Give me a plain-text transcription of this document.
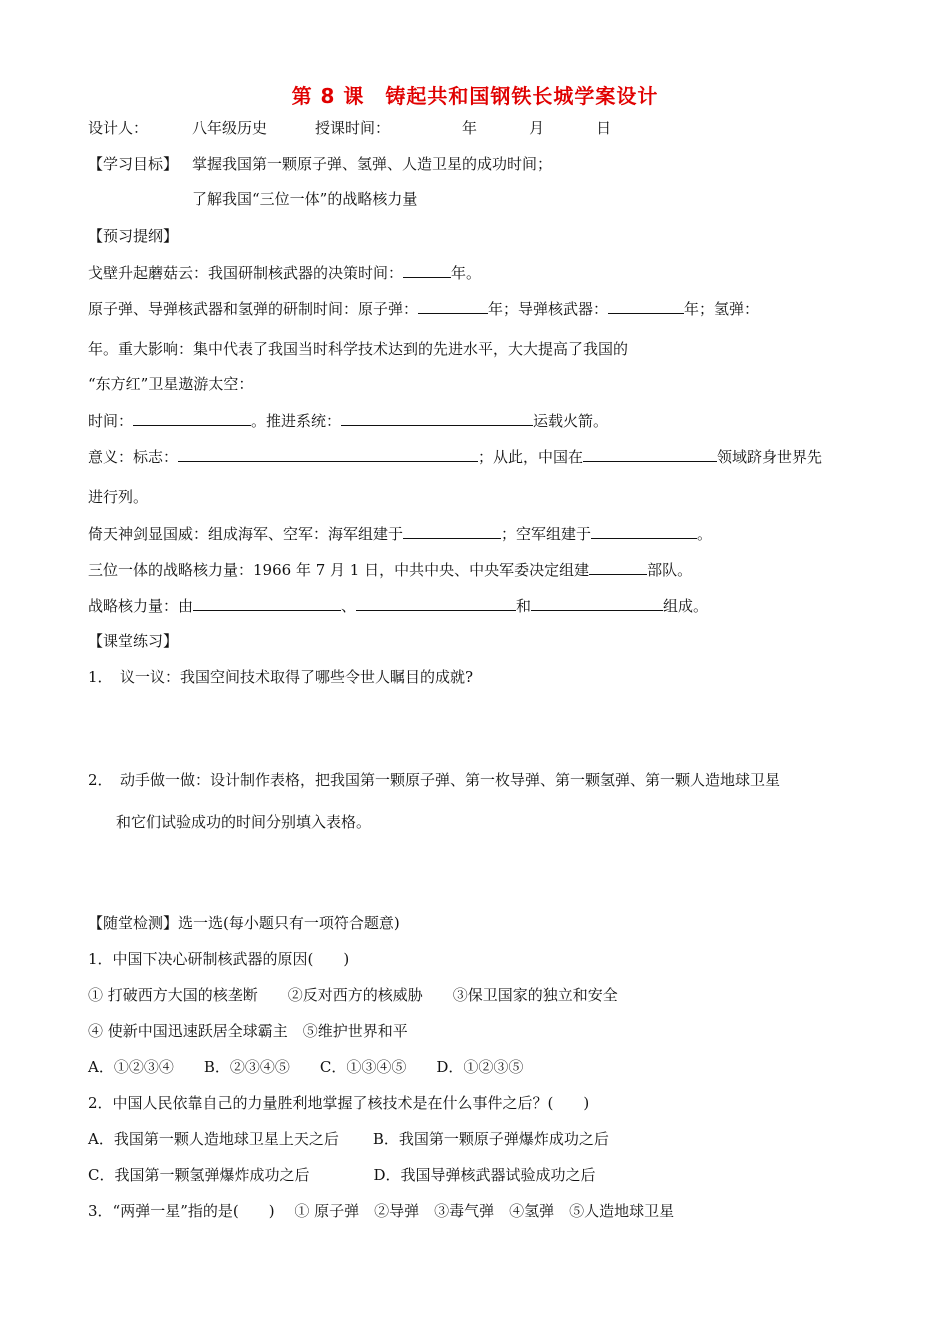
第 8 课　铸起共和国钢铁长城学案设计
设计人：	八年级历史	授课时间：	年	月	日
【学习目标】 掌握我国第一颗原子弹、氢弹、人造卫星的成功时间；
了解我国“三位一体”的战略核力量
【预习提纲】
戈壁升起蘑菇云：我国研制核武器的决策时间：	年。
原子弹、导弹核武器和氢弹的研制时间：原子弹：	年；导弹核武器：	年；氢弹：
年。重大影响：集中代表了我国当时科学技术达到的先进水平，大大提高了我国的
“东方红”卫星遨游太空：
时间：	。推进系统：	运载火箭。
意义：标志：	；从此，中国在	领域跻身世界先
进行列。
倚天神剑显国威：组成海军、空军：海军组建于	；空军组建于	。
三位一体的战略核力量：1966 年 7 月 1 日，中共中央、中央军委决定组建	部队。
战略核力量：由	、	和	组成。
【课堂练习】
1．　议一议：我国空间技术取得了哪些令世人瞩目的成就?
2．　动手做一做：设计制作表格，把我国第一颗原子弹、第一枚导弹、第一颗氢弹、第一颗人造地球卫星
和它们试验成功的时间分别填入表格。
【随堂检测】选一选(每小题只有一项符合题意)
1．中国下决心研制核武器的原因(　　)
① 打破西方大国的核垄断　　②反对西方的核威胁　　③保卫国家的独立和安全
④ 使新中国迅速跃居全球霸主　⑤维护世界和平
A．①②③④　　B．②③④⑤　　C．①③④⑤　　D．①②③⑤
2．中国人民依靠自己的力量胜利地掌握了核技术是在什么事件之后？(　　)
A．我国第一颗人造地球卫星上天之后 B．我国第一颗原子弹爆炸成功之后
C．我国第一颗氢弹爆炸成功之后	D．我国导弹核武器试验成功之后
3．“两弹一星”指的是(　　)　 ① 原子弹　②导弹　③毒气弹　④氢弹　⑤人造地球卫星
